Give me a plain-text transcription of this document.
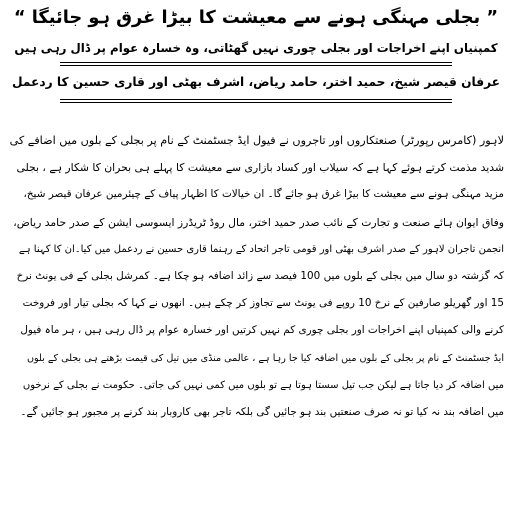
” بجلی مہنگی ہونے سے معیشت کا بیڑا غرق ہو جائیگا “
کمپنیاں اپنے اخراجات اور بجلی چوری نہیں گھٹاتی، وہ خسارہ عوام پر ڈال رہی ہیں
عرفان قیصر شیخ، حمید اختر، حامد ریاض، اشرف بھٹی اور قاری حسین کا ردعمل
لاہور (کامرس رپورٹر) صنعتکاروں اور تاجروں نے فیول ایڈ جسٹمنٹ کے نام پر بجلی کے بلوں میں اضافے کی
شدید مذمت کرتے ہوئے کہا ہے کہ سیلاب اور کساد بازاری سے معیشت کا پہلے ہی بحران کا شکار ہے ، بجلی
مزید مہنگی ہونے سے معیشت کا بیڑا غرق ہو جائے گا۔ ان خیالات کا اظہار پیاف کے چیئرمین عرفان قیصر شیخ،
وفاق ایوان ہائے صنعت و تجارت کے نائب صدر حمید اختر، مال روڈ ٹریڈرز ایسوسی ایشن کے صدر حامد ریاض،
انجمن تاجران لاہور کے صدر اشرف بھٹی اور قومی تاجر اتحاد کے رہنما قاری حسین نے ردعمل میں کیا۔ان کا کہنا ہے
کہ گزشتہ دو سال میں بجلی کے بلوں میں 100 فیصد سے زائد اضافہ ہو چکا ہے۔ کمرشل بجلی کے فی یونٹ نرخ
15 اور گھریلو صارفین کے نرخ 10 روپے فی یونٹ سے تجاوز کر چکے ہیں۔ انھوں نے کہا کہ بجلی تیار اور فروخت
کرنے والی کمپنیاں اپنے اخراجات اور بجلی چوری کم نہیں کرتیں اور خسارہ عوام پر ڈال رہی ہیں ، ہر ماہ فیول
ایڈ جسٹمنٹ کے نام پر بجلی کے بلوں میں اضافہ کیا جا رہا ہے ، عالمی منڈی میں تیل کی قیمت بڑھتے ہی بجلی کے بلوں
میں اضافہ کر دیا جاتا ہے لیکن جب تیل سستا ہوتا ہے تو بلوں میں کمی نہیں کی جاتی۔ حکومت نے بجلی کے نرخوں
میں اضافہ بند نہ کیا تو نہ صرف صنعتیں بند ہو جائیں گی بلکہ تاجر بھی کاروبار بند کرنے پر مجبور ہو جائیں گے۔
